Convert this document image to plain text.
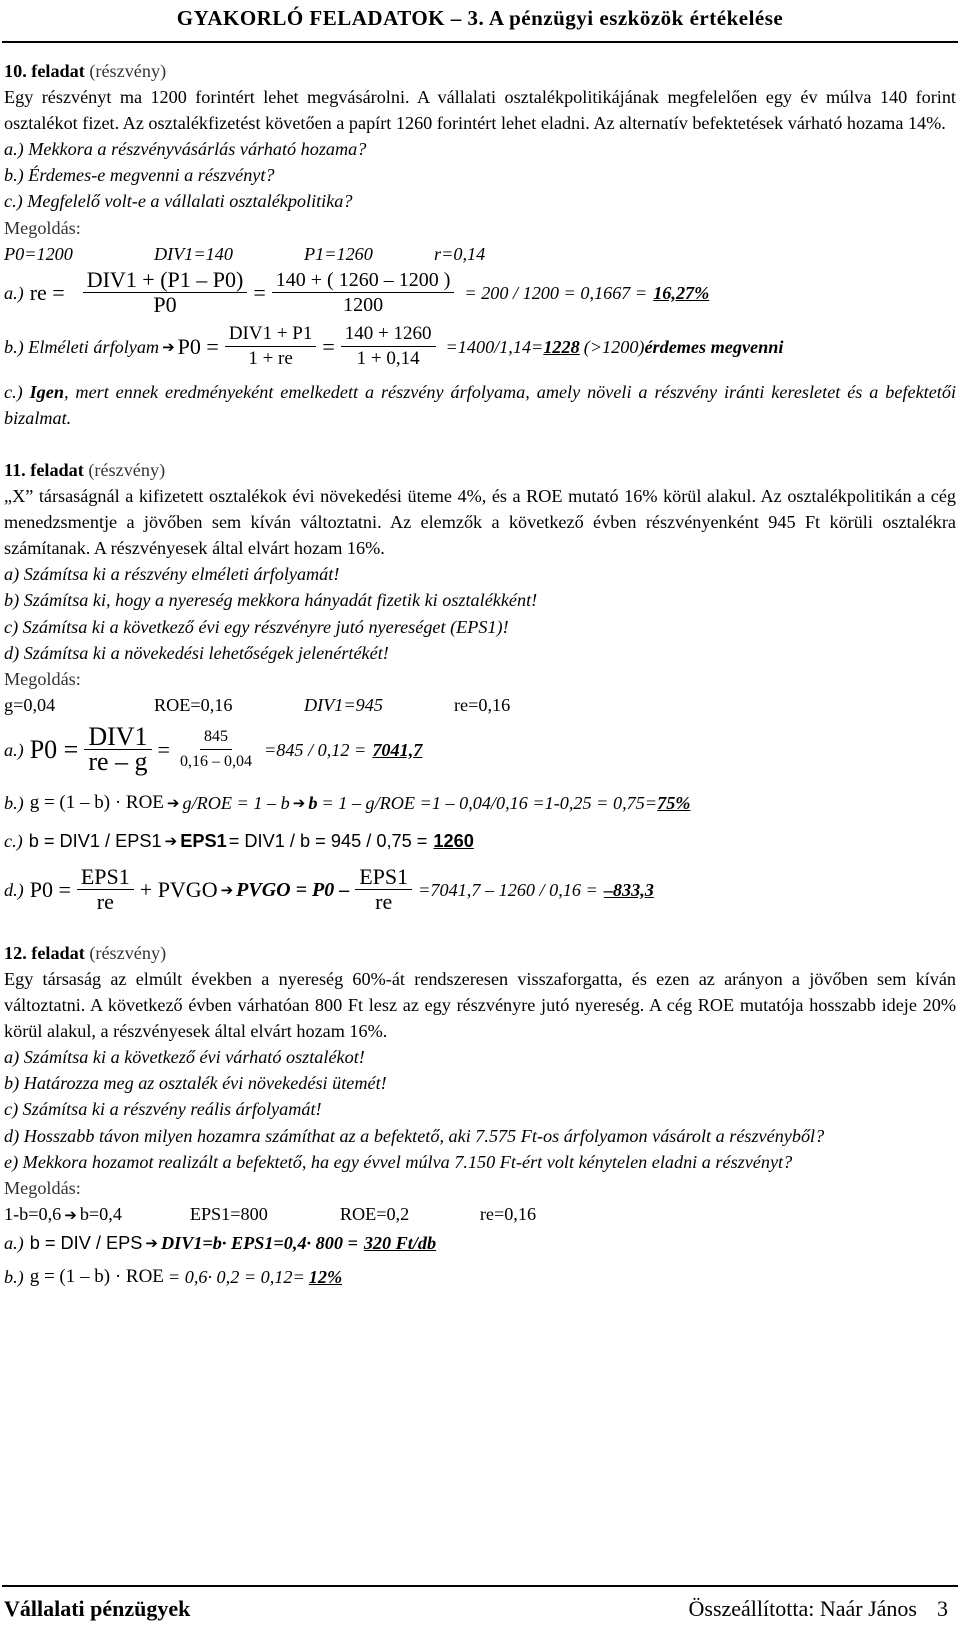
GYAKORLÓ FELADATOK – 3. A pénzügyi eszközök értékelése

10. feladat (részvény)

Egy részvényt ma 1200 forintért lehet megvásárolni. A vállalati osztalékpolitikájának megfelelően egy év múlva 140 forint osztalékot fizet. Az osztalékfizetést követően a papírt 1260 forintért lehet eladni. Az alternatív befektetések várható hozama 14%.

a.) Mekkora a részvényvásárlás várható hozama?

b.) Érdemes-e megvenni a részvényt?

c.) Megfelelő volt-e a vállalati osztalékpolitika?

Megoldás:

P0=1200	DIV1=140	P1=1260	r=0,14

a.) re = $\frac{\text{DIV1 + (P1 – P0)}}{P0} = \frac{140 + ( 1260 - 1200 )}{1200} = 200 / 1200 = 0,1667 = 16,27\%$
b.) Elméleti árfolyam ➔ $P0 = \frac{\text{DIV1 + P1}}{1 + re} = \frac{140 + 1260}{1 + 0,14} =1400/1,14= 1228$ (>1200) érdemes megvenni

c.) Igen, mert ennek eredményeként emelkedett a részvény árfolyama, amely növeli a részvény iránti keresletet és a befektetői bizalmat.

11. feladat (részvény)

„X” társaságnál a kifizetett osztalékok évi növekedési üteme 4%, és a ROE mutató 16% körül alakul. Az osztalékpolitikán a cég menedzsmentje a jövőben sem kíván változtatni. Az elemzők a következő évben részvényenként 945 Ft körüli osztalékra számítanak. A részvényesek által elvárt hozam 16%.

a) Számítsa ki a részvény elméleti árfolyamát!

b) Számítsa ki, hogy a nyereség mekkora hányadát fizetik ki osztalékként!

c) Számítsa ki a következő évi egy részvényre jutó nyereséget (EPS1)!

d) Számítsa ki a növekedési lehetőségek jelenértékét!

Megoldás:

g=0,04	ROE=0,16	DIV1=945	re=0,16

a.) $P0 = \frac{\text{DIV1}}{re - g} = \frac{845}{0,16 - 0,04} =845 / 0,12 = 7041,7$
b.) g = (1 – b) · ROE ➔ g/ROE = 1 – b ➔ b = 1 – g/ROE =1 – 0,04/0,16 =1-0,25 = 0,75= 75%
c.) b = DIV1 / EPS1 ➔ EPS1 = DIV1 / b = 945 / 0,75 = 1260
d.) $P0 = \frac{\text{EPS1}}{re}$ + PVGO ➔ PVGO = $P0 - \frac{\text{EPS1}}{re} =7041,7 - 1260 / 0,16 = -833,3$

12. feladat (részvény)

Egy társaság az elmúlt években a nyereség 60%-át rendszeresen visszaforgatta, és ezen az arányon a jövőben sem kíván változtatni. A következő évben várhatóan 800 Ft lesz az egy részvényre jutó nyereség. A cég ROE mutatója hosszabb ideje 20% körül alakul, a részvényesek által elvárt hozam 16%.

a) Számítsa ki a következő évi várható osztalékot!

b) Határozza meg az osztalék évi növekedési ütemét!

c) Számítsa ki a részvény reális árfolyamát!

d) Hosszabb távon milyen hozamra számíthat az a befektető, aki 7.575 Ft-os árfolyamon vásárolt a részvényből?

e) Mekkora hozamot realizált a befektető, ha egy évvel múlva 7.150 Ft-ért volt kénytelen eladni a részvényt?

Megoldás:

1-b=0,6 ➔ b=0,4	EPS1=800	ROE=0,2	re=0,16

a.) b = DIV / EPS ➔ DIV1=b· EPS1=0,4· 800 = 320 Ft/db
b.) g = (1 – b) · ROE = 0,6· 0,2 = 0,12= 12%
Vállalati pénzügyek	Összeállította: Naár János 3
